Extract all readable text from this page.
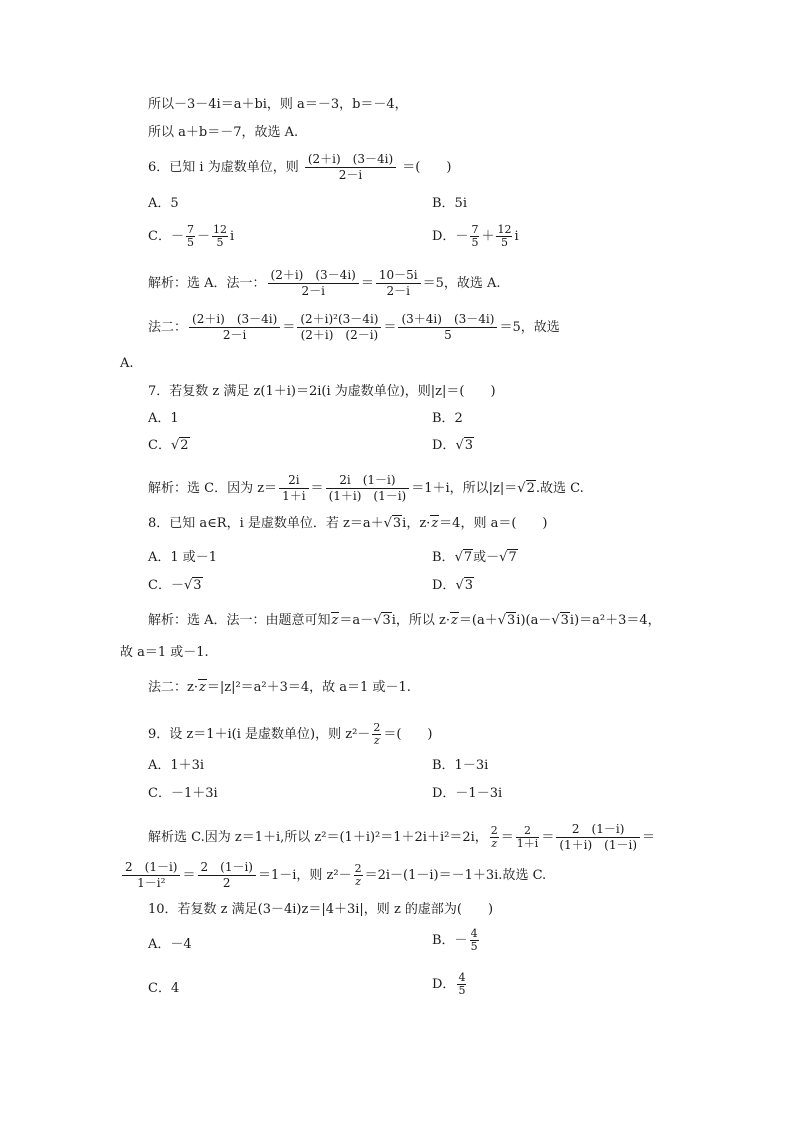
所以－3－4i＝a＋bi，则 a＝－3，b＝－4，
所以 a＋b＝－7，故选 A.
6．已知 i 为虚数单位，则 $\frac{(2+i) (3-4i)}{2-i}$ ＝(　　)
A．5	B．5i
C．－ $\frac{7}{5} - \frac{12}{5}$ i	D．－ $\frac{7}{5} + \frac{12}{5}$ i
解析：选 A．法一： $\frac{(2+i) (3-4i)}{2-i} = \frac{10-5i}{2-i} =5$，故选 A.
法二： $\frac{(2+i) (3-4i)}{2-i} = \frac{\text{(2＋i)²(3－4i)}}{(2+i) (2-i)} = \frac{(3+4i) (3-4i)}{5} =5$，故选
A.
7．若复数 z 满足 z(1＋i)＝2i(i 为虚数单位)，则|z|＝(　　)
A．1	B．2
C．√2	D．√3
解析：选 C．因为 $z= \frac{2i}{1+i} = \frac{2i (1-i)}{(1+i) (1-i)} =1+i$，所以|z|＝√2.故选 C.
8．已知 a∈R，i 是虚数单位．若 z＝a＋√3i，z·z＝4，则 a＝(　　)
A．1 或－1	B．√7或－√7
C．－√3	D．√3
解析：选 A．法一：由题意可知z＝a－√3i，所以 z·z＝(a＋√3i)(a－√3i)＝a²＋3＝4，
故 a＝1 或－1.
法二：z·z＝|z|²＝a²＋3＝4，故 a＝1 或－1.
9．设 z＝1＋i(i 是虚数单位)，则 $z^2- \frac{2}{z}$ ＝(　　)
A．1＋3i	B．1－3i
C．－1＋3i	D．－1－3i
解析选 C.因为 z＝1＋i,所以 z²＝(1＋i)²＝1＋2i＋i²＝2i， $\frac{2}{z} = \frac{2}{1+i} = \frac{2 (1-i)}{(1+i) (1-i)}$ ＝
$\frac{2 (1-i)}{\text{1－i²}} = \frac{2 (1-i)}{2} =1-i$，则 $z^2- \frac{2}{z} =2i-(1-i)=-1+3i$.故选 C.
10．若复数 z 满足(3－4i)z＝|4＋3i|，则 z 的虚部为(　　)
A．－4	B．－ $\frac{4}{5}$
C．4	D． $\frac{4}{5}$
